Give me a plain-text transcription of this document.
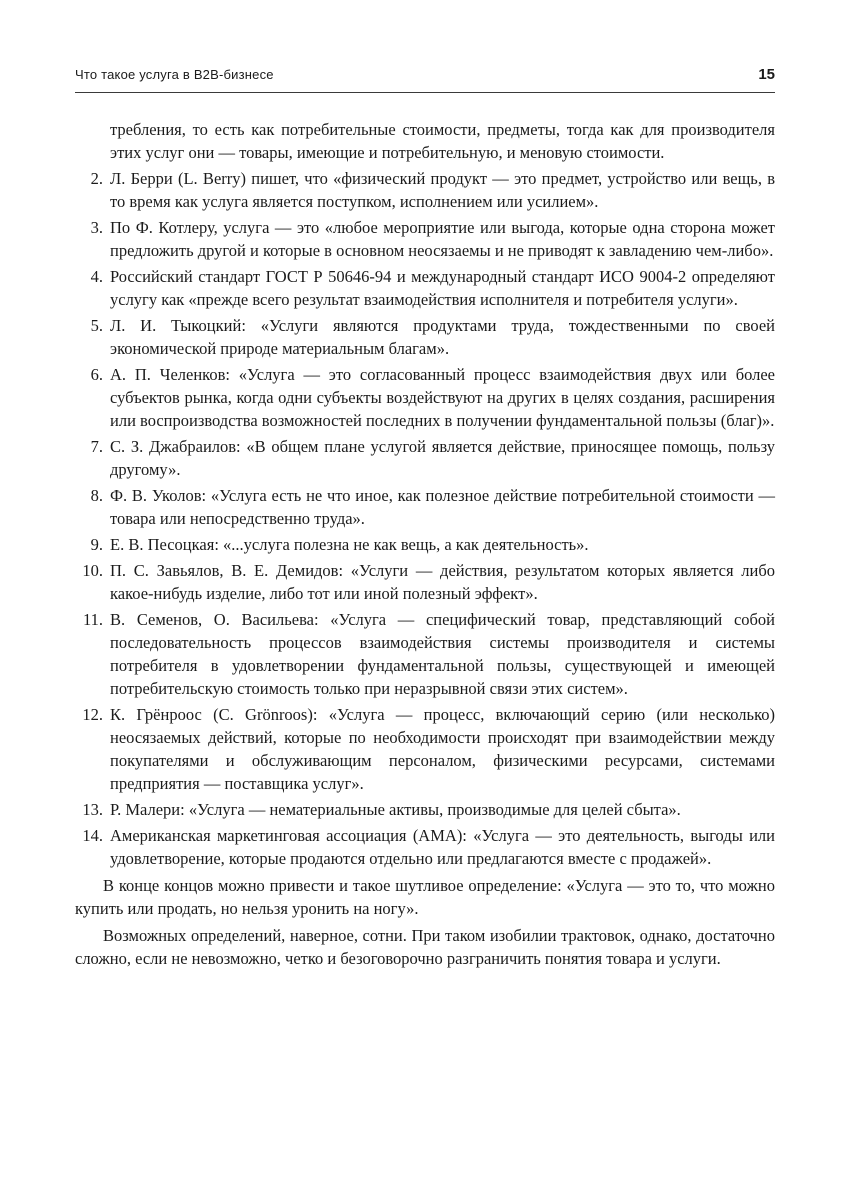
Что такое услуга в B2B-бизнесе	15

требления, то есть как потребительные стоимости, предметы, тогда как для производителя этих услуг они — товары, имеющие и потребительную, и меновую стоимости.

2. Л. Берри (L. Berry) пишет, что «физический продукт — это предмет, устройство или вещь, в то время как услуга является поступком, исполнением или усилием».
3. По Ф. Котлеру, услуга — это «любое мероприятие или выгода, которые одна сторона может предложить другой и которые в основном неосязаемы и не приводят к завладению чем-либо».
4. Российский стандарт ГОСТ Р 50646-94 и международный стандарт ИСО 9004-2 определяют услугу как «прежде всего результат взаимодействия исполнителя и потребителя услуги».
5. Л. И. Тыкоцкий: «Услуги являются продуктами труда, тождественными по своей экономической природе материальным благам».
6. А. П. Челенков: «Услуга — это согласованный процесс взаимодействия двух или более субъектов рынка, когда одни субъекты воздействуют на других в целях создания, расширения или воспроизводства возможностей последних в получении фундаментальной пользы (благ)».
7. С. З. Джабраилов: «В общем плане услугой является действие, приносящее помощь, пользу другому».
8. Ф. В. Уколов: «Услуга есть не что иное, как полезное действие потребительной стоимости — товара или непосредственно труда».
9. Е. В. Песоцкая: «...услуга полезна не как вещь, а как деятельность».
10. П. С. Завьялов, В. Е. Демидов: «Услуги — действия, результатом которых является либо какое-нибудь изделие, либо тот или иной полезный эффект».
11. В. Семенов, О. Васильева: «Услуга — специфический товар, представляющий собой последовательность процессов взаимодействия системы производителя и системы потребителя в удовлетворении фундаментальной пользы, существующей и имеющей потребительскую стоимость только при неразрывной связи этих систем».
12. К. Грёнроос (C. Grönroos): «Услуга — процесс, включающий серию (или несколько) неосязаемых действий, которые по необходимости происходят при взаимодействии между покупателями и обслуживающим персоналом, физическими ресурсами, системами предприятия — поставщика услуг».
13. Р. Малери: «Услуга — нематериальные активы, производимые для целей сбыта».
14. Американская маркетинговая ассоциация (АМА): «Услуга — это деятельность, выгоды или удовлетворение, которые продаются отдельно или предлагаются вместе с продажей».

В конце концов можно привести и такое шутливое определение: «Услуга — это то, что можно купить или продать, но нельзя уронить на ногу».

Возможных определений, наверное, сотни. При таком изобилии трактовок, однако, достаточно сложно, если не невозможно, четко и безоговорочно разграничить понятия товара и услуги.
